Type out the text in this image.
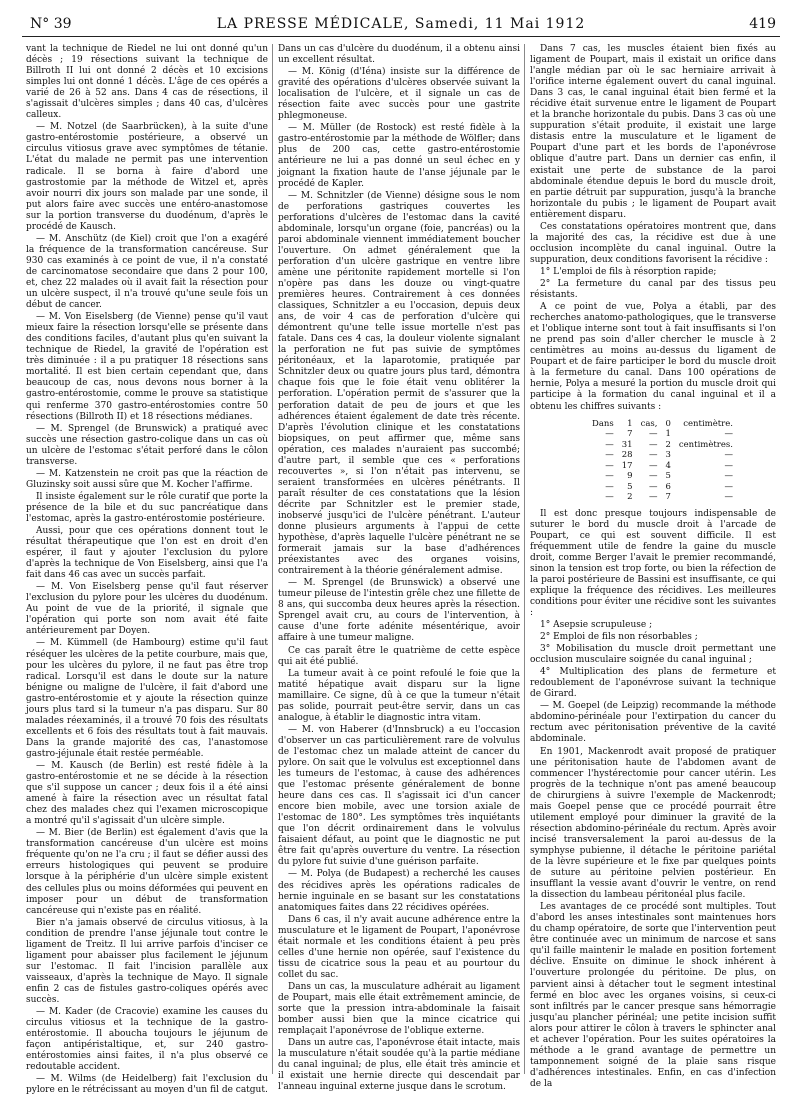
N° 39	LA PRESSE MÉDICALE, Samedi, 11 Mai 1912	419

vant la technique de Riedel ne lui ont donné qu'un décès ; 19 résections suivant la technique de Billroth II lui ont donné 2 décès et 10 excisions simples lui ont donné 1 décès. L'âge de ces opérés a varié de 26 à 52 ans. Dans 4 cas de résections, il s'agissait d'ulcères simples ; dans 40 cas, d'ulcères calleux.

— M. Notzel (de Saarbrücken), à la suite d'une gastro-entérostomie postérieure, a observé un circulus vitiosus grave avec symptômes de tétanie. L'état du malade ne permit pas une intervention radicale. Il se borna à faire d'abord une gastrostomie par la méthode de Witzel et, après avoir nourri dix jours son malade par une sonde, il put alors faire avec succès une entéro-anastomose sur la portion transverse du duodénum, d'après le procédé de Kausch.

— M. Anschütz (de Kiel) croit que l'on a exagéré la fréquence de la transformation cancéreuse. Sur 930 cas examinés à ce point de vue, il n'a constaté de carcinomatose secondaire que dans 2 pour 100, et, chez 22 malades où il avait fait la résection pour un ulcère suspect, il n'a trouvé qu'une seule fois un début de cancer.

— M. Von Eiselsberg (de Vienne) pense qu'il vaut mieux faire la résection lorsqu'elle se présente dans des conditions faciles, d'autant plus qu'en suivant la technique de Riedel, la gravité de l'opération est très diminuée : il a pu pratiquer 18 résections sans mortalité. Il est bien certain cependant que, dans beaucoup de cas, nous devons nous borner à la gastro-entérostomie, comme le prouve sa statistique qui renferme 370 gastro-entérostomies contre 50 résections (Billroth II) et 18 résections médianes.

— M. Sprengel (de Brunswick) a pratiqué avec succès une résection gastro-colique dans un cas où un ulcère de l'estomac s'était perforé dans le côlon transverse.

— M. Katzenstein ne croit pas que la réaction de Gluzinsky soit aussi sûre que M. Kocher l'affirme.

Il insiste également sur le rôle curatif que porte la présence de la bile et du suc pancréatique dans l'estomac, après la gastro-entérostomie postérieure.

Aussi, pour que ces opérations donnent tout le résultat thérapeutique que l'on est en droit d'en espérer, il faut y ajouter l'exclusion du pylore d'après la technique de Von Eiselsberg, ainsi que l'a fait dans 46 cas avec un succès parfait.

— M. Von Eiselsberg pense qu'il faut réserver l'exclusion du pylore pour les ulcères du duodénum. Au point de vue de la priorité, il signale que l'opération qui porte son nom avait été faite antérieurement par Doyen.

— M. Kümmell (de Hambourg) estime qu'il faut réséquer les ulcères de la petite courbure, mais que, pour les ulcères du pylore, il ne faut pas être trop radical. Lorsqu'il est dans le doute sur la nature bénigne ou maligne de l'ulcère, il fait d'abord une gastro-entérostomie et y ajoute la résection quinze jours plus tard si la tumeur n'a pas disparu. Sur 80 malades réexaminés, il a trouvé 70 fois des résultats excellents et 6 fois des résultats tout à fait mauvais. Dans la grande majorité des cas, l'anastomose gastro-jéjunale était restée perméable.

— M. Kausch (de Berlin) est resté fidèle à la gastro-entérostomie et ne se décide à la résection que s'il suppose un cancer ; deux fois il a été ainsi amené à faire la résection avec un résultat fatal chez des malades chez qui l'examen microscopique a montré qu'il s'agissait d'un ulcère simple.

— M. Bier (de Berlin) est également d'avis que la transformation cancéreuse d'un ulcère est moins fréquente qu'on ne l'a cru ; il faut se défier aussi des erreurs histologiques qui peuvent se produire lorsque à la périphérie d'un ulcère simple existent des cellules plus ou moins déformées qui peuvent en imposer pour un début de transformation cancéreuse qui n'existe pas en réalité.

Bier n'a jamais observé de circulus vitiosus, à la condition de prendre l'anse jéjunale tout contre le ligament de Treitz. Il lui arrive parfois d'inciser ce ligament pour abaisser plus facilement le jéjunum sur l'estomac. Il fait l'incision parallèle aux vaisseaux, d'après la technique de Mayo. Il signale enfin 2 cas de fistules gastro-coliques opérés avec succès.

— M. Kader (de Cracovie) examine les causes du circulus vitiosus et la technique de la gastro-entérostomie. Il aboucha toujours le jéjunum de façon antipéristaltique, et, sur 240 gastro-entérostomies ainsi faites, il n'a plus observé ce redoutable accident.

— M. Wilms (de Heidelberg) fait l'exclusion du pylore en le rétrécissant au moyen d'un fil de catgut.

Dans un cas d'ulcère du duodénum, il a obtenu ainsi un excellent résultat.

— M. König (d'Iéna) insiste sur la différence de gravité des opérations d'ulcères observée suivant la localisation de l'ulcère, et il signale un cas de résection faite avec succès pour une gastrite phlegmoneuse.

— M. Müller (de Rostock) est resté fidèle à la gastro-entérostomie par la méthode de Wölfler; dans plus de 200 cas, cette gastro-entérostomie antérieure ne lui a pas donné un seul échec en y joignant la fixation haute de l'anse jéjunale par le procédé de Kapler.

— M. Schnitzler (de Vienne) désigne sous le nom de perforations gastriques couvertes les perforations d'ulcères de l'estomac dans la cavité abdominale, lorsqu'un organe (foie, pancréas) ou la paroi abdominale viennent immédiatement boucher l'ouverture. On admet généralement que la perforation d'un ulcère gastrique en ventre libre amène une péritonite rapidement mortelle si l'on n'opère pas dans les douze ou vingt-quatre premières heures. Contrairement à ces données classiques, Schnitzler a eu l'occasion, depuis deux ans, de voir 4 cas de perforation d'ulcère qui démontrent qu'une telle issue mortelle n'est pas fatale. Dans ces 4 cas, la douleur violente signalant la perforation ne fut pas suivie de symptômes péritonéaux, et la laparotomie, pratiquée par Schnitzler deux ou quatre jours plus tard, démontra chaque fois que le foie était venu oblitérer la perforation. L'opération permit de s'assurer que la perforation datait de peu de jours et que les adhérences étaient également de date très récente. D'après l'évolution clinique et les constatations biopsiques, on peut affirmer que, même sans opération, ces malades n'auraient pas succombé; d'autre part, il semble que ces « perforations recouvertes », si l'on n'était pas intervenu, se seraient transformées en ulcères pénétrants. Il paraît résulter de ces constatations que la lésion décrite par Schnitzler est le premier stade, inobservé jusqu'ici de l'ulcère pénétrant. L'auteur donne plusieurs arguments à l'appui de cette hypothèse, d'après laquelle l'ulcère pénétrant ne se formerait jamais sur la base d'adhérences préexistantes avec des organes voisins, contrairement à la théorie généralement admise.

— M. Sprengel (de Brunswick) a observé une tumeur pileuse de l'intestin grêle chez une fillette de 8 ans, qui succomba deux heures après la résection. Sprengel avait cru, au cours de l'intervention, à cause d'une forte adénite mésentérique, avoir affaire à une tumeur maligne.

Ce cas paraît être le quatrième de cette espèce qui ait été publié.

La tumeur avait à ce point refoulé le foie que la matité hépatique avait disparu sur la ligne mamillaire. Ce signe, dû à ce que la tumeur n'était pas solide, pourrait peut-être servir, dans un cas analogue, à établir le diagnostic intra vitam.

— M. von Haberer (d'Innsbruck) a eu l'occasion d'observer un cas particulièrement rare de volvulus de l'estomac chez un malade atteint de cancer du pylore. On sait que le volvulus est exceptionnel dans les tumeurs de l'estomac, à cause des adhérences que l'estomac présente généralement de bonne heure dans ces cas. Il s'agissait ici d'un cancer encore bien mobile, avec une torsion axiale de l'estomac de 180°. Les symptômes très inquiétants que l'on décrit ordinairement dans le volvulus faisaient défaut, au point que le diagnostic ne put être fait qu'après ouverture du ventre. La résection du pylore fut suivie d'une guérison parfaite.

— M. Polya (de Budapest) a recherché les causes des récidives après les opérations radicales de hernie inguinale en se basant sur les constatations anatomiques faites dans 22 récidives opérées.

Dans 6 cas, il n'y avait aucune adhérence entre la musculature et le ligament de Poupart, l'aponévrose était normale et les conditions étaient à peu près celles d'une hernie non opérée, sauf l'existence du tissu de cicatrice sous la peau et au pourtour du collet du sac.

Dans un cas, la musculature adhérait au ligament de Poupart, mais elle était extrêmement amincie, de sorte que la pression intra-abdominale la faisait bomber aussi bien que la mince cicatrice qui remplaçait l'aponévrose de l'oblique externe.

Dans un autre cas, l'aponévrose était intacte, mais la musculature n'était soudée qu'à la partie médiane du canal inguinal; de plus, elle était très amincie et il existait une hernie directe qui descendait par l'anneau inguinal externe jusque dans le scrotum.

Dans 7 cas, les muscles étaient bien fixés au ligament de Poupart, mais il existait un orifice dans l'angle médian par où le sac herniaire arrivait à l'orifice interne également ouvert du canal inguinal. Dans 3 cas, le canal inguinal était bien fermé et la récidive était survenue entre le ligament de Poupart et la branche horizontale du pubis. Dans 3 cas où une suppuration s'était produite, il existait une large distasis entre la musculature et le ligament de Poupart d'une part et les bords de l'aponévrose oblique d'autre part. Dans un dernier cas enfin, il existait une perte de substance de la paroi abdominale étendue depuis le bord du muscle droit, en partie détruit par suppuration, jusqu'à la branche horizontale du pubis ; le ligament de Poupart avait entièrement disparu.

Ces constatations opératoires montrent que, dans la majorité des cas, la récidive est due à une occlusion incomplète du canal inguinal. Outre la suppuration, deux conditions favorisent la récidive :

1° L'emploi de fils à résorption rapide;

2° La fermeture du canal par des tissus peu résistants.

A ce point de vue, Polya a établi, par des recherches anatomo-pathologiques, que le transverse et l'oblique interne sont tout à fait insuffisants si l'on ne prend pas soin d'aller chercher le muscle à 2 centimètres au moins au-dessus du ligament de Poupart et de faire participer le bord du muscle droit à la fermeture du canal. Dans 100 opérations de hernie, Polya a mesuré la portion du muscle droit qui participe à la formation du canal inguinal et il a obtenu les chiffres suivants :

Dans	1	cas,	0	centimètre.
—	7	—	1	—
—	31	—	2	centimètres.
—	28	—	3	—
—	17	—	4	—
—	9	—	5	—
—	5	—	6	—
—	2	—	7	—

Il est donc presque toujours indispensable de suturer le bord du muscle droit à l'arcade de Poupart, ce qui est souvent difficile. Il est fréquemment utile de fendre la gaine du muscle droit, comme Berger l'avait le premier recommandé, sinon la tension est trop forte, ou bien la réfection de la paroi postérieure de Bassini est insuffisante, ce qui explique la fréquence des récidives. Les meilleures conditions pour éviter une récidive sont les suivantes :

1° Asepsie scrupuleuse ;

2° Emploi de fils non résorbables ;

3° Mobilisation du muscle droit permettant une occlusion musculaire soignée du canal inguinal ;

4° Multiplication des plans de fermeture et redoublement de l'aponévrose suivant la technique de Girard.

— M. Goepel (de Leipzig) recommande la méthode abdomino-périnéale pour l'extirpation du cancer du rectum avec péritonisation préventive de la cavité abdominale.

En 1901, Mackenrodt avait proposé de pratiquer une péritonisation haute de l'abdomen avant de commencer l'hystérectomie pour cancer utérin. Les progrès de la technique n'ont pas amené beaucoup de chirurgiens à suivre l'exemple de Mackenrodt; mais Goepel pense que ce procédé pourrait être utilement employé pour diminuer la gravité de la résection abdomino-périnéale du rectum. Après avoir incisé transversalement la paroi au-dessus de la symphyse pubienne, il détache le péritoine pariétal de la lèvre supérieure et le fixe par quelques points de suture au péritoine pelvien postérieur. En insufflant la vessie avant d'ouvrir le ventre, on rend la dissection du lambeau péritonéal plus facile.

Les avantages de ce procédé sont multiples. Tout d'abord les anses intestinales sont maintenues hors du champ opératoire, de sorte que l'intervention peut être continuée avec un minimum de narcose et sans qu'il faille maintenir le malade en position fortement déclive. Ensuite on diminue le shock inhérent à l'ouverture prolongée du péritoine. De plus, on parvient ainsi à détacher tout le segment intestinal fermé en bloc avec les organes voisins, si ceux-ci sont infiltrés par le cancer presque sans hémorragie jusqu'au plancher périnéal; une petite incision suffit alors pour attirer le côlon à travers le sphincter anal et achever l'opération. Pour les suites opératoires la méthode a le grand avantage de permettre un tamponnement soigné de la plaie sans risque d'adhérences intestinales. Enfin, en cas d'infection de la
